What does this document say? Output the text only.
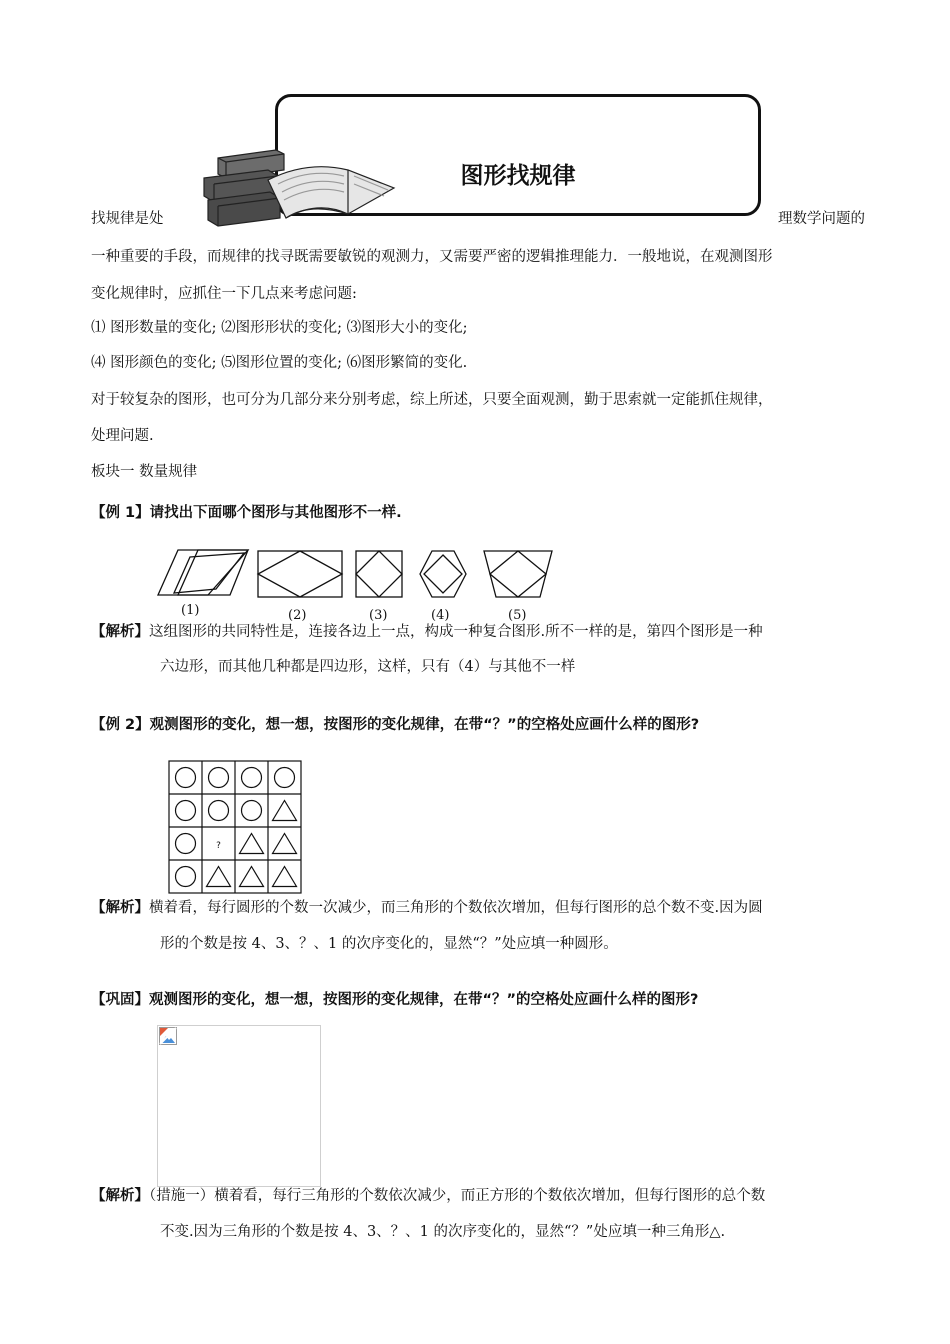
图形找规律
找规律是处	理数学问题的
一种重要的手段，而规律的找寻既需要敏锐的观测力，又需要严密的逻辑推理能力．一般地说，在观测图形
变化规律时，应抓住一下几点来考虑问题:
⑴ 图形数量的变化; ⑵图形形状的变化; ⑶图形大小的变化;
⑷ 图形颜色的变化; ⑸图形位置的变化; ⑹图形繁简的变化.
对于较复杂的图形，也可分为几部分来分别考虑，综上所述，只要全面观测，勤于思索就一定能抓住规律，
处理问题.
板块一 数量规律
【例 1】请找出下面哪个图形与其他图形不一样.
(1)	(2)	(3)	(4)	(5)
【解析】这组图形的共同特性是，连接各边上一点，构成一种复合图形.所不一样的是，第四个图形是一种
六边形，而其他几种都是四边形，这样，只有（4）与其他不一样
【例 2】观测图形的变化，想一想，按图形的变化规律，在带“？”的空格处应画什么样的图形?
?
【解析】横着看，每行圆形的个数一次减少，而三角形的个数依次增加，但每行图形的总个数不变.因为圆
形的个数是按 4、3、？、1 的次序变化的，显然“？”处应填一种圆形。
【巩固】观测图形的变化，想一想，按图形的变化规律，在带“？”的空格处应画什么样的图形?
【解析】（措施一）横着看，每行三角形的个数依次减少，而正方形的个数依次增加，但每行图形的总个数
不变.因为三角形的个数是按 4、3、？、1 的次序变化的，显然“？”处应填一种三角形△.
